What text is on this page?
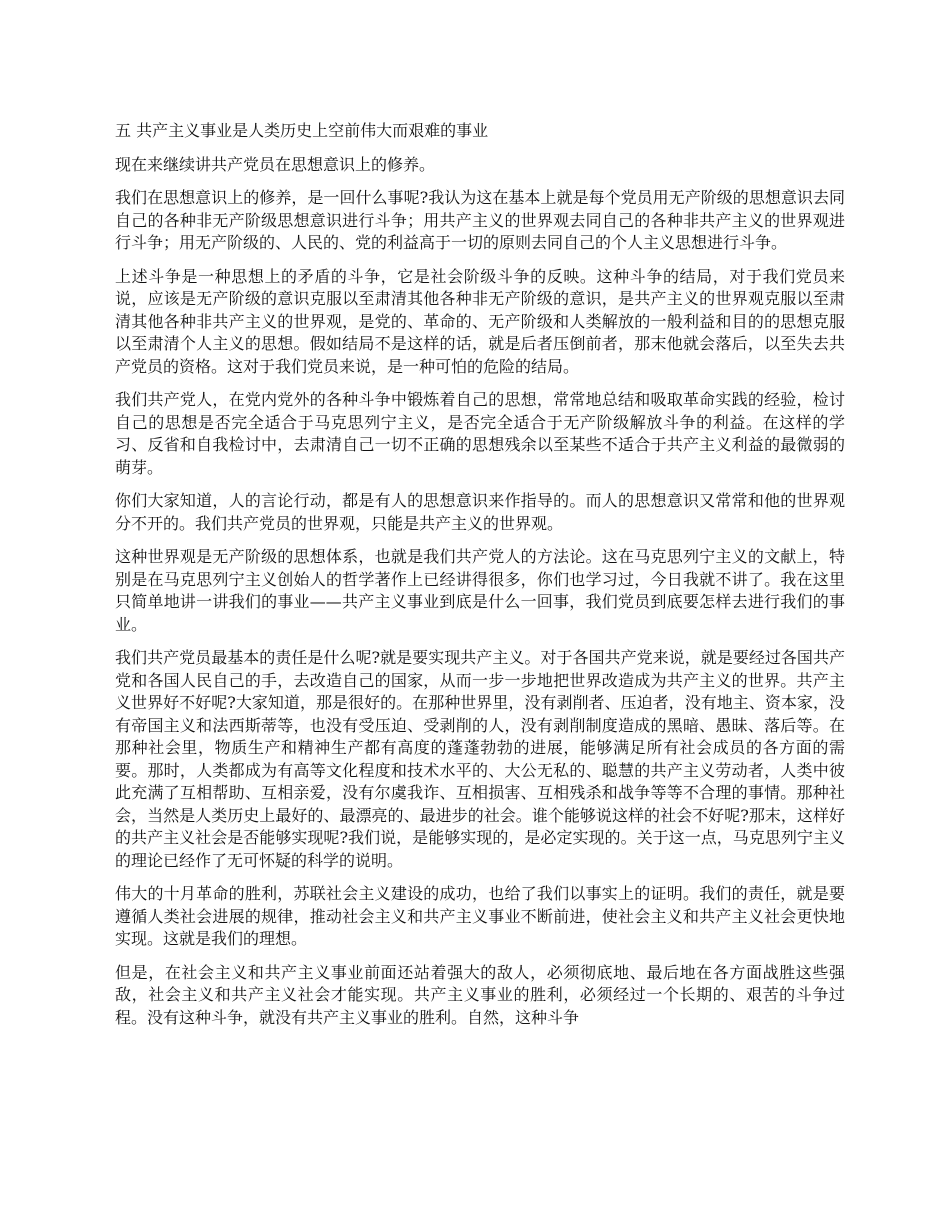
五 共产主义事业是人类历史上空前伟大而艰难的事业

现在来继续讲共产党员在思想意识上的修养。

我们在思想意识上的修养，是一回什么事呢?我认为这在基本上就是每个党员用无产阶级的思想意识去同自己的各种非无产阶级思想意识进行斗争；用共产主义的世界观去同自己的各种非共产主义的世界观进行斗争；用无产阶级的、人民的、党的利益高于一切的原则去同自己的个人主义思想进行斗争。

上述斗争是一种思想上的矛盾的斗争，它是社会阶级斗争的反映。这种斗争的结局，对于我们党员来说，应该是无产阶级的意识克服以至肃清其他各种非无产阶级的意识，是共产主义的世界观克服以至肃清其他各种非共产主义的世界观，是党的、革命的、无产阶级和人类解放的一般利益和目的的思想克服以至肃清个人主义的思想。假如结局不是这样的话，就是后者压倒前者，那末他就会落后，以至失去共产党员的资格。这对于我们党员来说，是一种可怕的危险的结局。

我们共产党人，在党内党外的各种斗争中锻炼着自己的思想，常常地总结和吸取革命实践的经验，检讨自己的思想是否完全适合于马克思列宁主义，是否完全适合于无产阶级解放斗争的利益。在这样的学习、反省和自我检讨中，去肃清自己一切不正确的思想残余以至某些不适合于共产主义利益的最微弱的萌芽。

你们大家知道，人的言论行动，都是有人的思想意识来作指导的。而人的思想意识又常常和他的世界观分不开的。我们共产党员的世界观，只能是共产主义的世界观。

这种世界观是无产阶级的思想体系，也就是我们共产党人的方法论。这在马克思列宁主义的文献上，特别是在马克思列宁主义创始人的哲学著作上已经讲得很多，你们也学习过，今日我就不讲了。我在这里只简单地讲一讲我们的事业——共产主义事业到底是什么一回事，我们党员到底要怎样去进行我们的事业。

我们共产党员最基本的责任是什么呢?就是要实现共产主义。对于各国共产党来说，就是要经过各国共产党和各国人民自己的手，去改造自己的国家，从而一步一步地把世界改造成为共产主义的世界。共产主义世界好不好呢?大家知道，那是很好的。在那种世界里，没有剥削者、压迫者，没有地主、资本家，没有帝国主义和法西斯蒂等，也没有受压迫、受剥削的人，没有剥削制度造成的黑暗、愚昧、落后等。在那种社会里，物质生产和精神生产都有高度的蓬蓬勃勃的进展，能够满足所有社会成员的各方面的需要。那时，人类都成为有高等文化程度和技术水平的、大公无私的、聪慧的共产主义劳动者，人类中彼此充满了互相帮助、互相亲爱，没有尔虞我诈、互相损害、互相残杀和战争等等不合理的事情。那种社会，当然是人类历史上最好的、最漂亮的、最进步的社会。谁个能够说这样的社会不好呢?那末，这样好的共产主义社会是否能够实现呢?我们说，是能够实现的，是必定实现的。关于这一点，马克思列宁主义的理论已经作了无可怀疑的科学的说明。

伟大的十月革命的胜利，苏联社会主义建设的成功，也给了我们以事实上的证明。我们的责任，就是要遵循人类社会进展的规律，推动社会主义和共产主义事业不断前进，使社会主义和共产主义社会更快地实现。这就是我们的理想。

但是，在社会主义和共产主义事业前面还站着强大的敌人，必须彻底地、最后地在各方面战胜这些强敌，社会主义和共产主义社会才能实现。共产主义事业的胜利，必须经过一个长期的、艰苦的斗争过程。没有这种斗争，就没有共产主义事业的胜利。自然，这种斗争
